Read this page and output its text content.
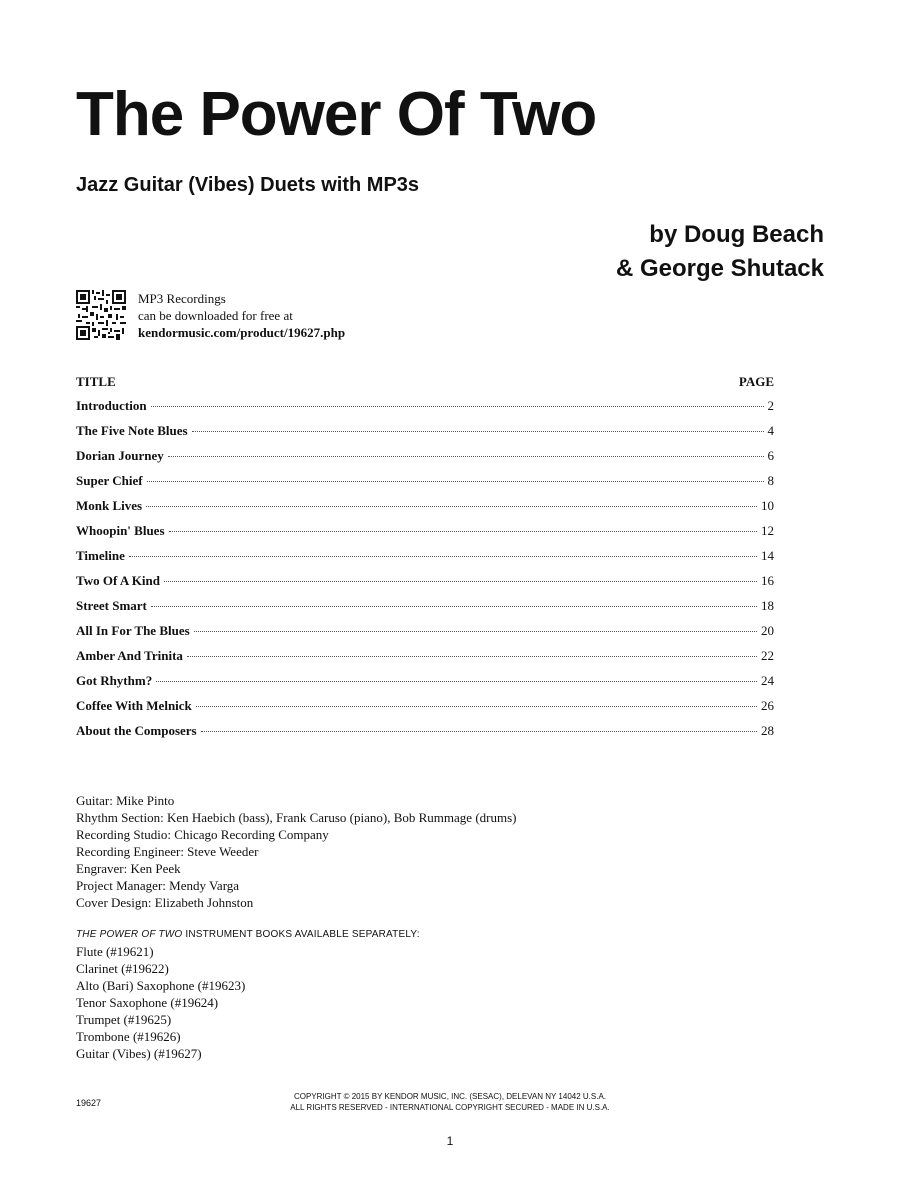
The Power Of Two
Jazz Guitar (Vibes) Duets with MP3s
by Doug Beach
& George Shutack
MP3 Recordings
can be downloaded for free at
kendormusic.com/product/19627.php
TITLE	PAGE
Introduction	2
The Five Note Blues	4
Dorian Journey	6
Super Chief	8
Monk Lives	10
Whoopin' Blues	12
Timeline	14
Two Of A Kind	16
Street Smart	18
All In For The Blues	20
Amber And Trinita	22
Got Rhythm?	24
Coffee With Melnick	26
About the Composers	28
Guitar: Mike Pinto
Rhythm Section: Ken Haebich (bass), Frank Caruso (piano), Bob Rummage (drums)
Recording Studio: Chicago Recording Company
Recording Engineer: Steve Weeder
Engraver: Ken Peek
Project Manager: Mendy Varga
Cover Design: Elizabeth Johnston
THE POWER OF TWO INSTRUMENT BOOKS AVAILABLE SEPARATELY:
Flute (#19621)
Clarinet (#19622)
Alto (Bari) Saxophone (#19623)
Tenor Saxophone (#19624)
Trumpet (#19625)
Trombone (#19626)
Guitar (Vibes) (#19627)
19627
COPYRIGHT © 2015 BY KENDOR MUSIC, INC. (SESAC), DELEVAN NY 14042 U.S.A.
ALL RIGHTS RESERVED - INTERNATIONAL COPYRIGHT SECURED - MADE IN U.S.A.
1
